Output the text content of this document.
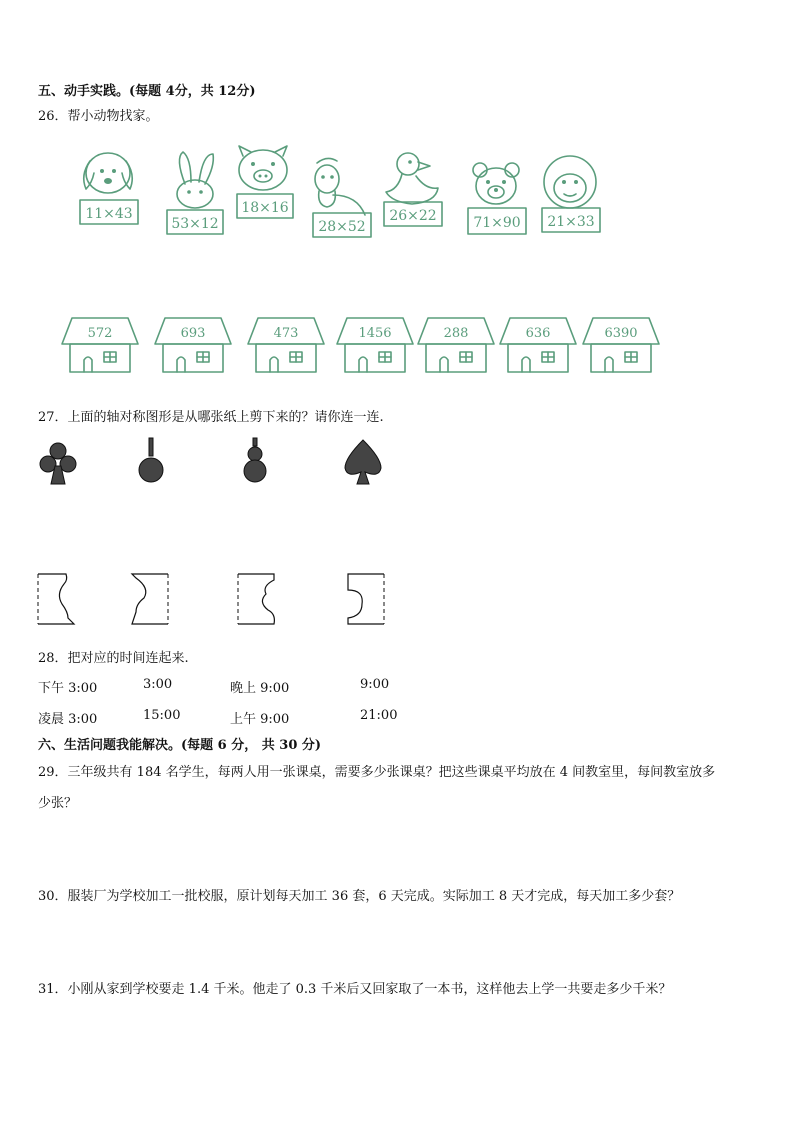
五、动手实践。(每题 4分，共 12分)
26．帮小动物找家。
11×43
53×12
18×16
28×52
26×22	71×90 21×33
572	693	473	1456	288	636	6390
27．上面的轴对称图形是从哪张纸上剪下来的？请你连一连.
28．把对应的时间连起来.
下午 3:00	3:00	晚上 9:00	9:00
凌晨 3:00	15:00	上午 9:00	21:00
六、生活问题我能解决。(每题 6 分， 共 30 分)
29．三年级共有 184 名学生，每两人用一张课桌，需要多少张课桌？把这些课桌平均放在 4 间教室里，每间教室放多
少张？
30．服装厂为学校加工一批校服，原计划每天加工 36 套，6 天完成。实际加工 8 天才完成，每天加工多少套？
31．小刚从家到学校要走 1.4 千米。他走了 0.3 千米后又回家取了一本书，这样他去上学一共要走多少千米？
